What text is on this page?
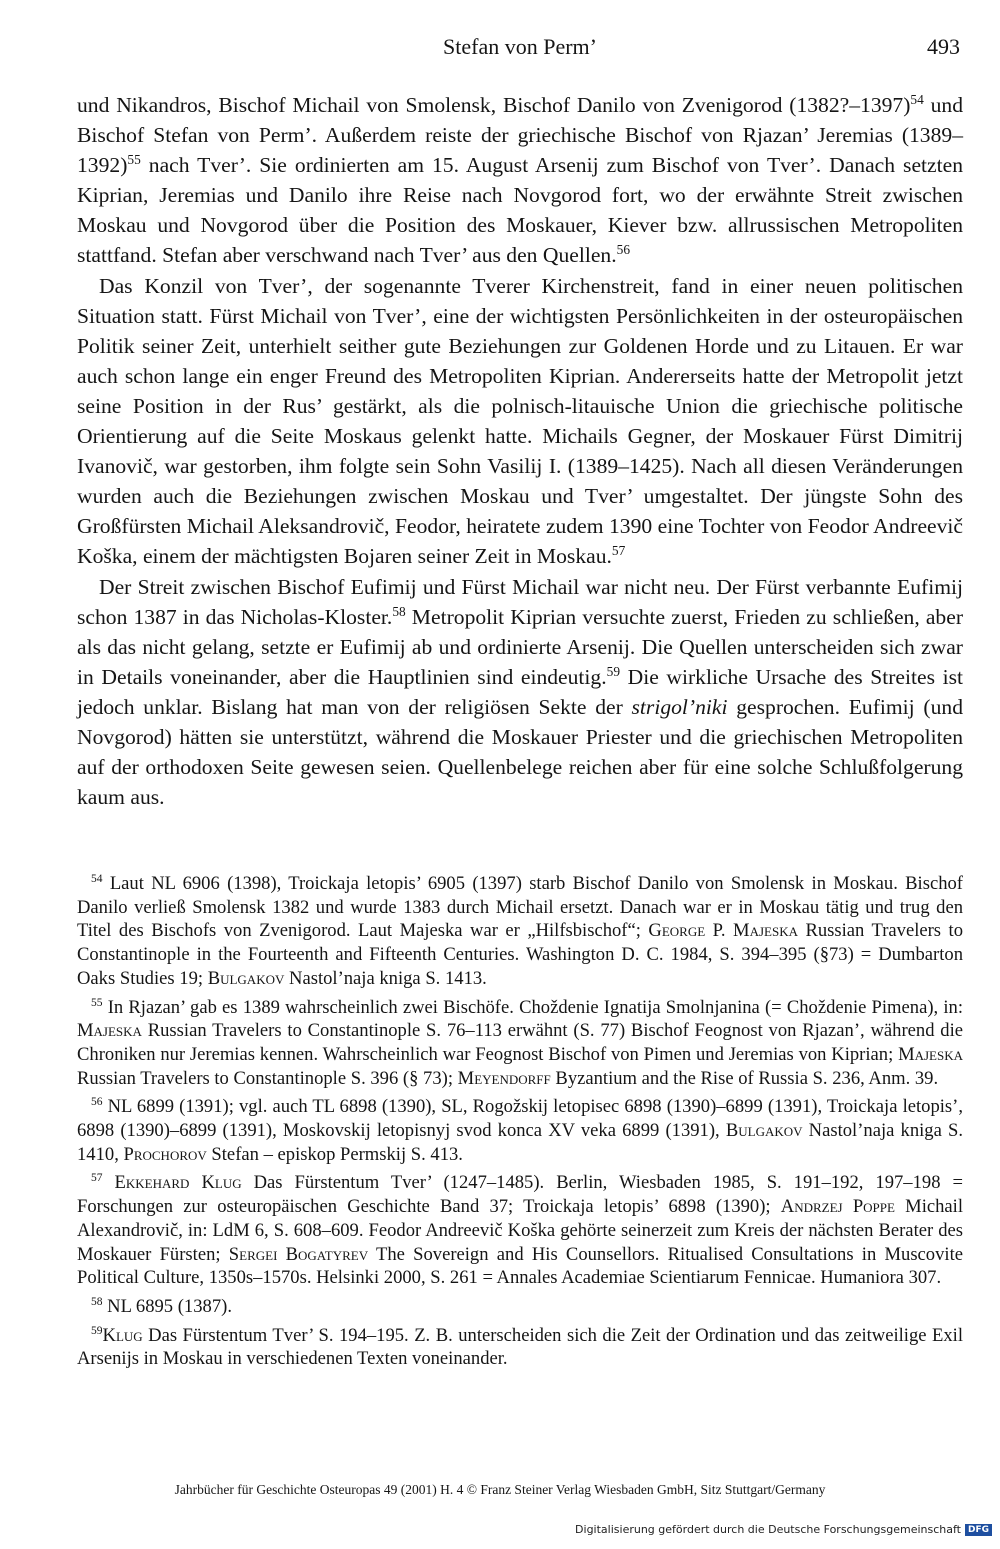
Stefan von Perm’	493

und Nikandros, Bischof Michail von Smolensk, Bischof Danilo von Zvenigorod (1382?–1397)$^{54}$ und Bischof Stefan von Perm’. Außerdem reiste der griechische Bischof von Rjazan’ Jeremias (1389–1392)$^{55}$ nach Tver’. Sie ordinierten am 15. August Arsenij zum Bischof von Tver’. Danach setzten Kiprian, Jeremias und Danilo ihre Reise nach Novgorod fort, wo der erwähnte Streit zwischen Moskau und Novgorod über die Position des Moskauer, Kiever bzw. allrussischen Metropoliten stattfand. Stefan aber verschwand nach Tver’ aus den Quellen.$^{56}$

Das Konzil von Tver’, der sogenannte Tverer Kirchenstreit, fand in einer neuen politischen Situation statt. Fürst Michail von Tver’, eine der wichtigsten Persönlichkeiten in der osteuropäischen Politik seiner Zeit, unterhielt seither gute Beziehungen zur Goldenen Horde und zu Litauen. Er war auch schon lange ein enger Freund des Metropoliten Kiprian. Andererseits hatte der Metropolit jetzt seine Position in der Rus’ gestärkt, als die polnisch-litauische Union die griechische politische Orientierung auf die Seite Moskaus gelenkt hatte. Michails Gegner, der Moskauer Fürst Dimitrij Ivanovič, war gestorben, ihm folgte sein Sohn Vasilij I. (1389–1425). Nach all diesen Veränderungen wurden auch die Beziehungen zwischen Moskau und Tver’ umgestaltet. Der jüngste Sohn des Großfürsten Michail Aleksandrovič, Feodor, heiratete zudem 1390 eine Tochter von Feodor Andreevič Koška, einem der mächtigsten Bojaren seiner Zeit in Moskau.$^{57}$

Der Streit zwischen Bischof Eufimij und Fürst Michail war nicht neu. Der Fürst verbannte Eufimij schon 1387 in das Nicholas-Kloster.$^{58}$ Metropolit Kiprian versuchte zuerst, Frieden zu schließen, aber als das nicht gelang, setzte er Eufimij ab und ordinierte Arsenij. Die Quellen unterscheiden sich zwar in Details voneinander, aber die Hauptlinien sind eindeutig.$^{59}$ Die wirkliche Ursache des Streites ist jedoch unklar. Bislang hat man von der religiösen Sekte der strigol’niki gesprochen. Eufimij (und Novgorod) hätten sie unterstützt, während die Moskauer Priester und die griechischen Metropoliten auf der orthodoxen Seite gewesen seien. Quellenbelege reichen aber für eine solche Schlußfolgerung kaum aus.

$^{54}$ Laut NL 6906 (1398), Troickaja letopis’ 6905 (1397) starb Bischof Danilo von Smolensk in Moskau. Bischof Danilo verließ Smolensk 1382 und wurde 1383 durch Michail ersetzt. Danach war er in Moskau tätig und trug den Titel des Bischofs von Zvenigorod. Laut Majeska war er „Hilfsbischof“; George P. Majeska Russian Travelers to Constantinople in the Fourteenth and Fifteenth Centuries. Washington D. C. 1984, S. 394–395 (§73) = Dumbarton Oaks Studies 19; Bulgakov Nastol’naja kniga S. 1413.

$^{55}$ In Rjazan’ gab es 1389 wahrscheinlich zwei Bischöfe. Choždenie Ignatija Smolnjanina (= Choždenie Pimena), in: Majeska Russian Travelers to Constantinople S. 76–113 erwähnt (S. 77) Bischof Feognost von Rjazan’, während die Chroniken nur Jeremias kennen. Wahrscheinlich war Feognost Bischof von Pimen und Jeremias von Kiprian; Majeska Russian Travelers to Constantinople S. 396 (§ 73); Meyendorff Byzantium and the Rise of Russia S. 236, Anm. 39.

$^{56}$ NL 6899 (1391); vgl. auch TL 6898 (1390), SL, Rogožskij letopisec 6898 (1390)–6899 (1391), Troickaja letopis’, 6898 (1390)–6899 (1391), Moskovskij letopisnyj svod konca XV veka 6899 (1391), Bulgakov Nastol’naja kniga S. 1410, Prochorov Stefan – episkop Permskij S. 413.

$^{57}$ Ekkehard Klug Das Fürstentum Tver’ (1247–1485). Berlin, Wiesbaden 1985, S. 191–192, 197–198 = Forschungen zur osteuropäischen Geschichte Band 37; Troickaja letopis’ 6898 (1390); Andrzej Poppe Michail Alexandrovič, in: LdM 6, S. 608–609. Feodor Andreevič Koška gehörte seinerzeit zum Kreis der nächsten Berater des Moskauer Fürsten; Sergei Bogatyrev The Sovereign and His Counsellors. Ritualised Consultations in Muscovite Political Culture, 1350s–1570s. Helsinki 2000, S. 261 = Annales Academiae Scientiarum Fennicae. Humaniora 307.

$^{58}$ NL 6895 (1387).

$^{59}$Klug Das Fürstentum Tver’ S. 194–195. Z. B. unterscheiden sich die Zeit der Ordination und das zeitweilige Exil Arsenijs in Moskau in verschiedenen Texten voneinander.

Jahrbücher für Geschichte Osteuropas 49 (2001) H. 4 © Franz Steiner Verlag Wiesbaden GmbH, Sitz Stuttgart/Germany
Digitalisierung gefördert durch die Deutsche Forschungsgemeinschaft DFG
